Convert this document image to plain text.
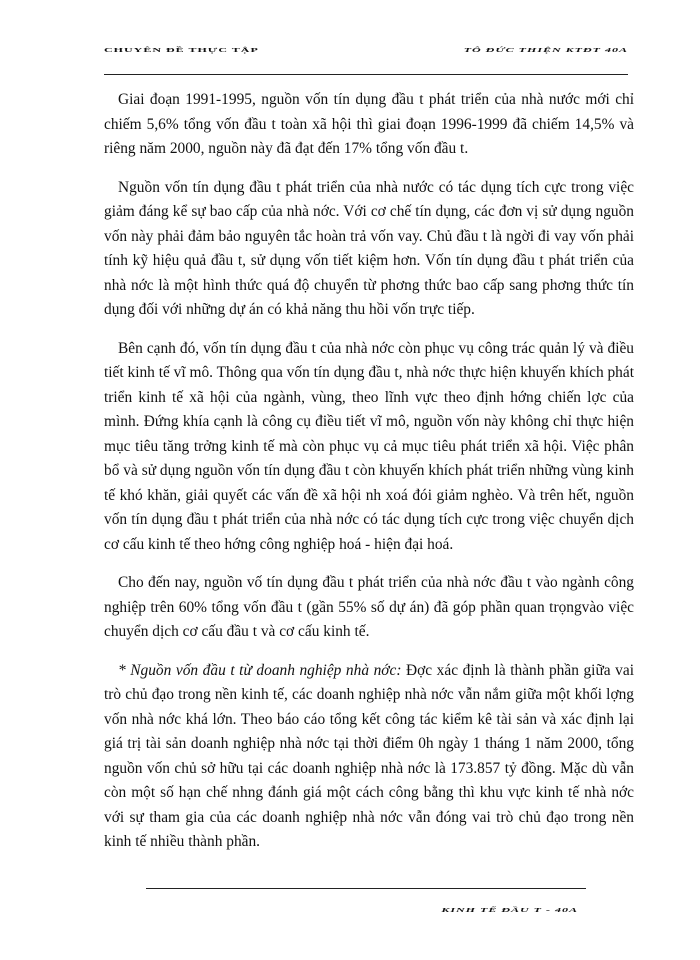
CHUYÊN ĐỀ THỰC TẬP	TÔ ĐỨC THIỆN KTĐT 40A

Giai đoạn 1991-1995, nguồn vốn tín dụng đầu t phát triển của nhà nước mới chỉ chiếm 5,6% tổng vốn đầu t toàn xã hội thì giai đoạn 1996-1999 đã chiếm 14,5% và riêng năm 2000, nguồn này đã đạt đến 17% tổng vốn đầu t.

Nguồn vốn tín dụng đầu t phát triển của nhà nước có tác dụng tích cực trong việc giảm đáng kể sự bao cấp của nhà nớc. Với cơ chế tín dụng, các đơn vị sử dụng nguồn vốn này phải đảm bảo nguyên tắc hoàn trả vốn vay. Chủ đầu t là ngời đi vay vốn phải tính kỹ hiệu quả đầu t, sử dụng vốn tiết kiệm hơn. Vốn tín dụng đầu t phát triển của nhà nớc là một hình thức quá độ chuyển từ phơng thức bao cấp sang phơng thức tín dụng đối với những dự án có khả năng thu hồi vốn trực tiếp.

Bên cạnh đó, vốn tín dụng đầu t của nhà nớc còn phục vụ công trác quản lý và điều tiết kinh tế vĩ mô. Thông qua vốn tín dụng đầu t, nhà nớc thực hiện khuyến khích phát triển kinh tế xã hội của ngành, vùng, theo lĩnh vực theo định hớng chiến lợc của mình. Đứng khía cạnh là công cụ điều tiết vĩ mô, nguồn vốn này không chỉ thực hiện mục tiêu tăng trởng kinh tế mà còn phục vụ cả mục tiêu phát triển xã hội. Việc phân bổ và sử dụng nguồn vốn tín dụng đầu t còn khuyến khích phát triển những vùng kinh tế khó khăn, giải quyết các vấn đề xã hội nh xoá đói giảm nghèo. Và trên hết, nguồn vốn tín dụng đầu t phát triển của nhà nớc có tác dụng tích cực trong việc chuyển dịch cơ cấu kinh tế theo hớng công nghiệp hoá - hiện đại hoá.

Cho đến nay, nguồn vố tín dụng đầu t phát triển của nhà nớc đầu t vào ngành công nghiệp trên 60% tổng vốn đầu t (gần 55% số dự án) đã góp phần quan trọngvào việc chuyển dịch cơ cấu đầu t và cơ cấu kinh tế.

* Nguồn vốn đầu t từ doanh nghiệp nhà nớc: Đợc xác định là thành phần giữa vai trò chủ đạo trong nền kinh tế, các doanh nghiệp nhà nớc vẫn nắm giữa một khối lợng vốn nhà nớc khá lớn. Theo báo cáo tổng kết công tác kiểm kê tài sản và xác định lại giá trị tài sản doanh nghiệp nhà nớc tại thời điểm 0h ngày 1 tháng 1 năm 2000, tổng nguồn vốn chủ sở hữu tại các doanh nghiệp nhà nớc là 173.857 tỷ đồng. Mặc dù vẫn còn một số hạn chế nhng đánh giá một cách công bằng thì khu vực kinh tế nhà nớc với sự tham gia của các doanh nghiệp nhà nớc vẫn đóng vai trò chủ đạo trong nền kinh tế nhiều thành phần.

KINH TẾ ĐẦU T - 40A
